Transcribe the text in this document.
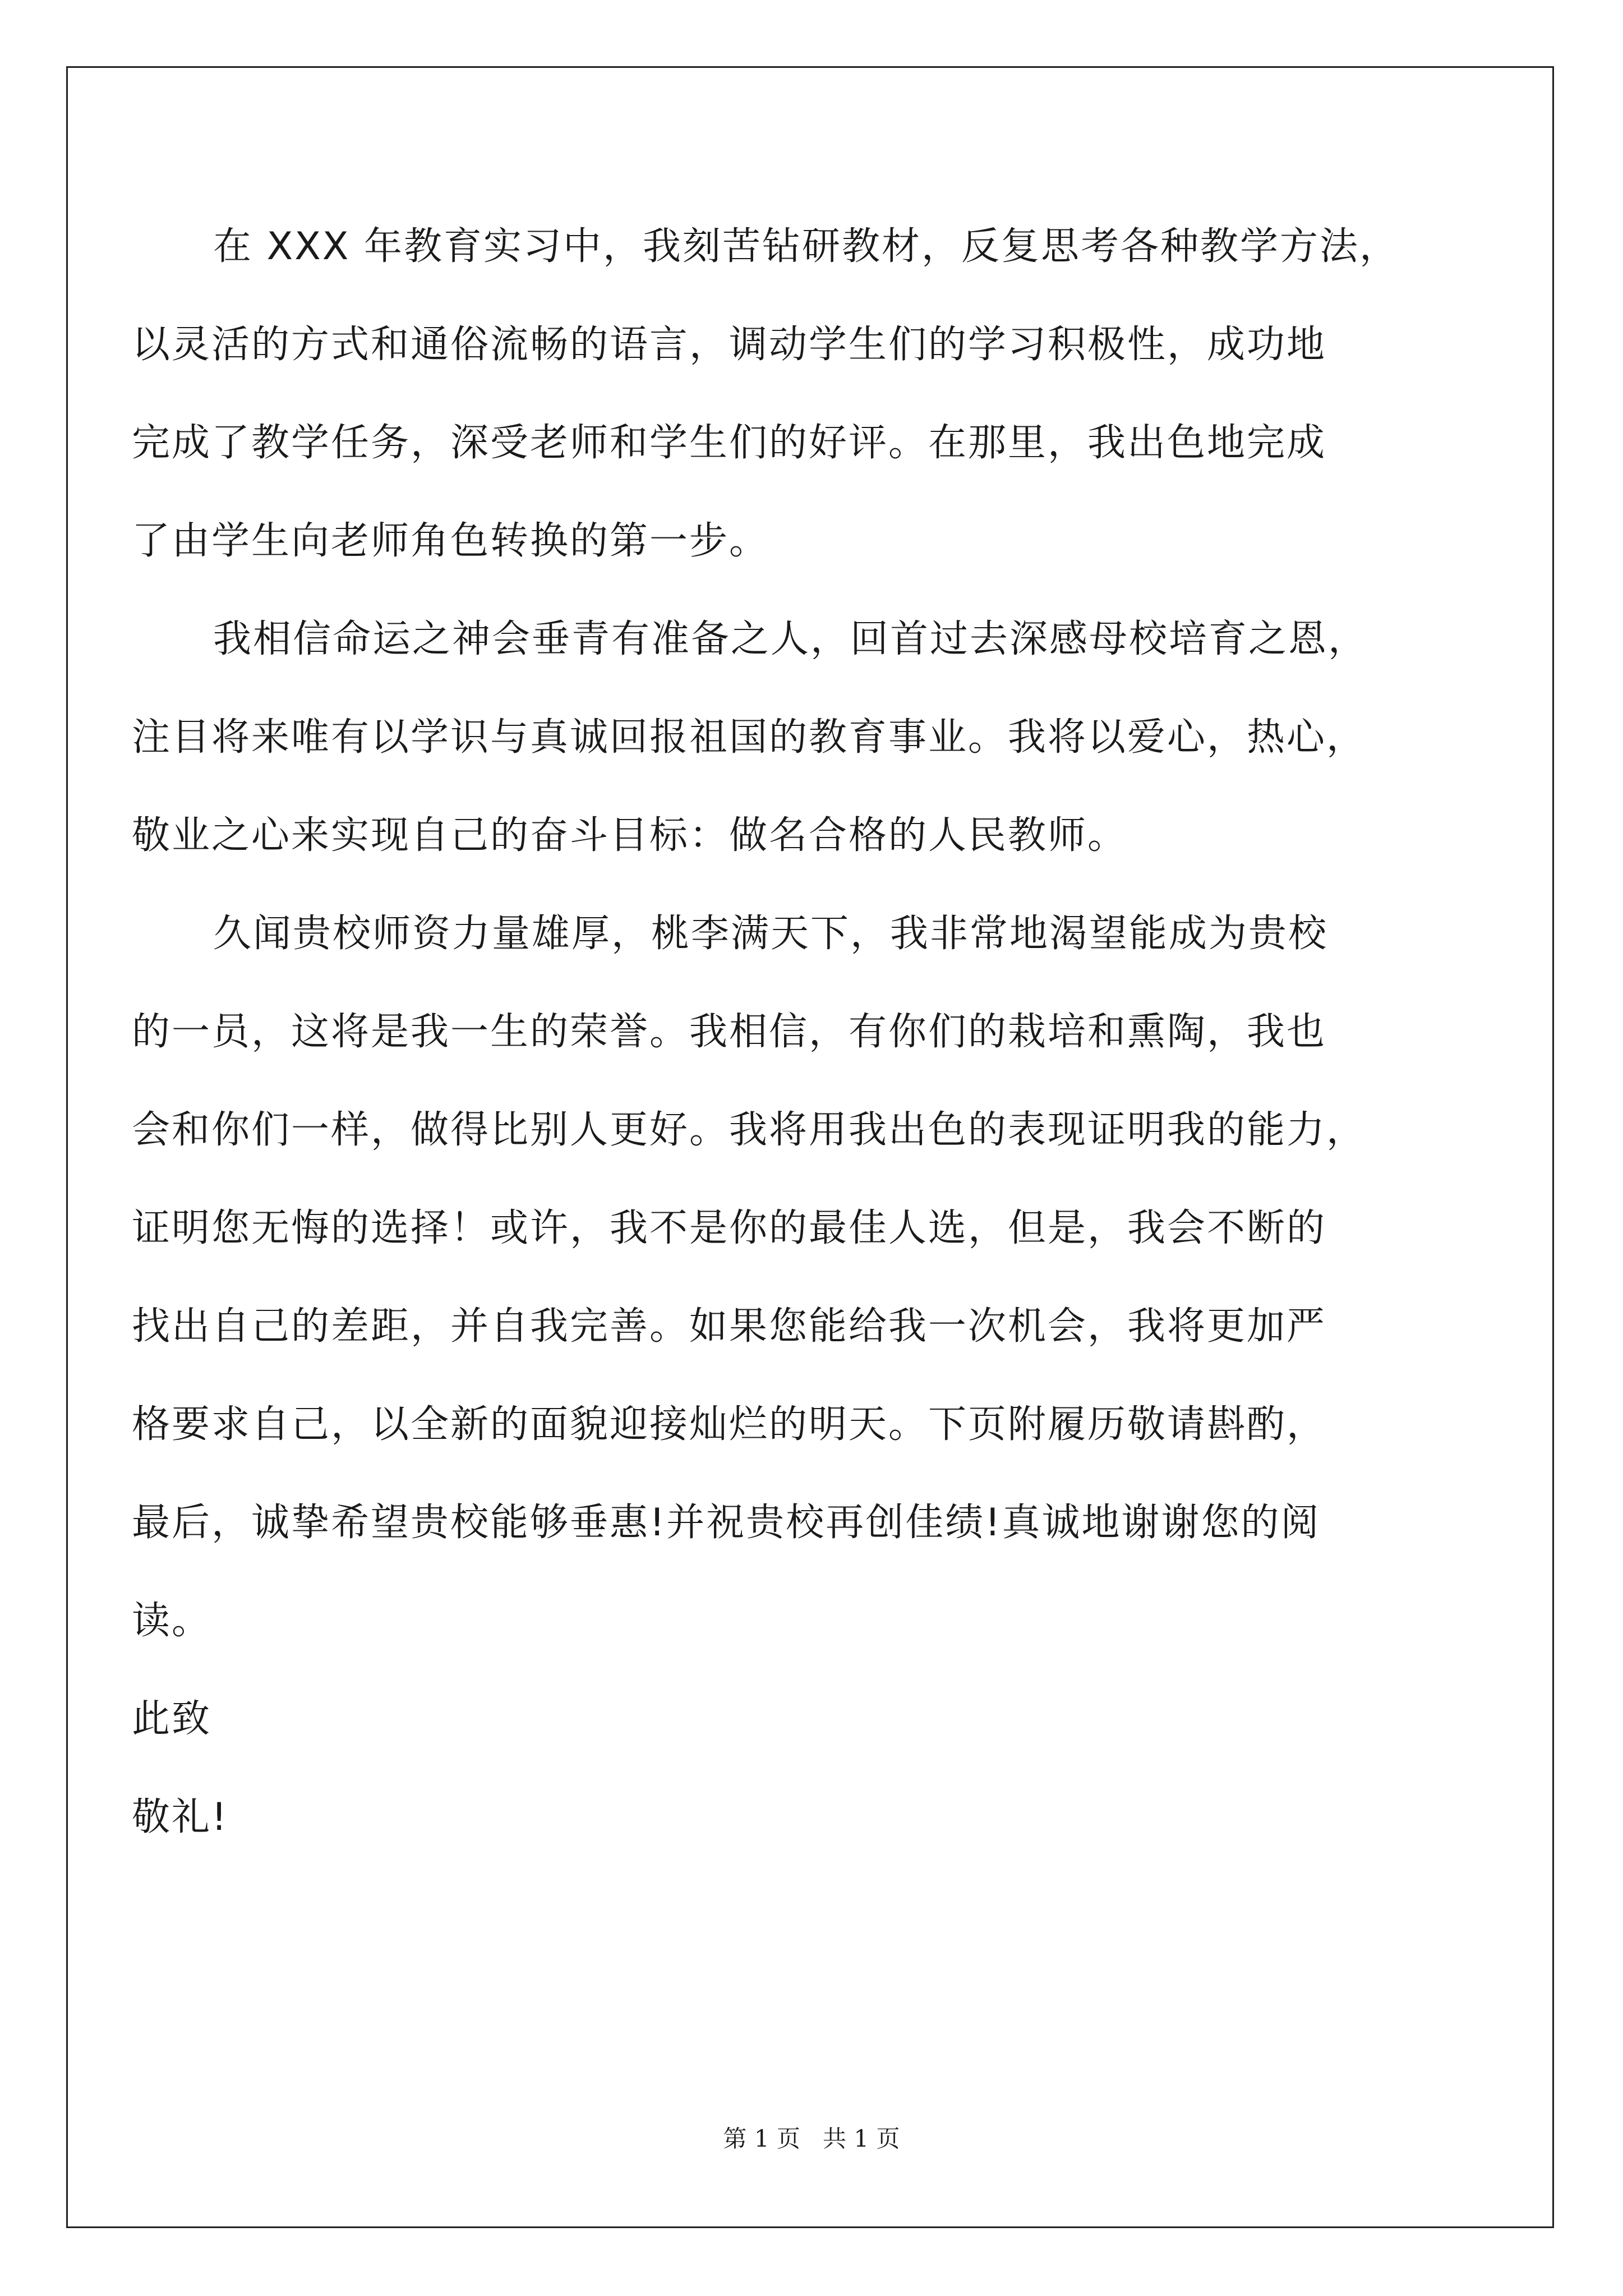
在 XXX 年教育实习中，我刻苦钻研教材，反复思考各种教学方法，
以灵活的方式和通俗流畅的语言，调动学生们的学习积极性，成功地
完成了教学任务，深受老师和学生们的好评。在那里，我出色地完成
了由学生向老师角色转换的第一步。
我相信命运之神会垂青有准备之人，回首过去深感母校培育之恩，
注目将来唯有以学识与真诚回报祖国的教育事业。我将以爱心，热心，
敬业之心来实现自己的奋斗目标：做名合格的人民教师。
久闻贵校师资力量雄厚，桃李满天下，我非常地渴望能成为贵校
的一员，这将是我一生的荣誉。我相信，有你们的栽培和熏陶，我也
会和你们一样，做得比别人更好。我将用我出色的表现证明我的能力，
证明您无悔的选择！或许，我不是你的最佳人选，但是，我会不断的
找出自己的差距，并自我完善。如果您能给我一次机会，我将更加严
格要求自己，以全新的面貌迎接灿烂的明天。下页附履历敬请斟酌，
最后，诚挚希望贵校能够垂惠!并祝贵校再创佳绩!真诚地谢谢您的阅
读。
此致
敬礼!
第 1 页   共 1 页
